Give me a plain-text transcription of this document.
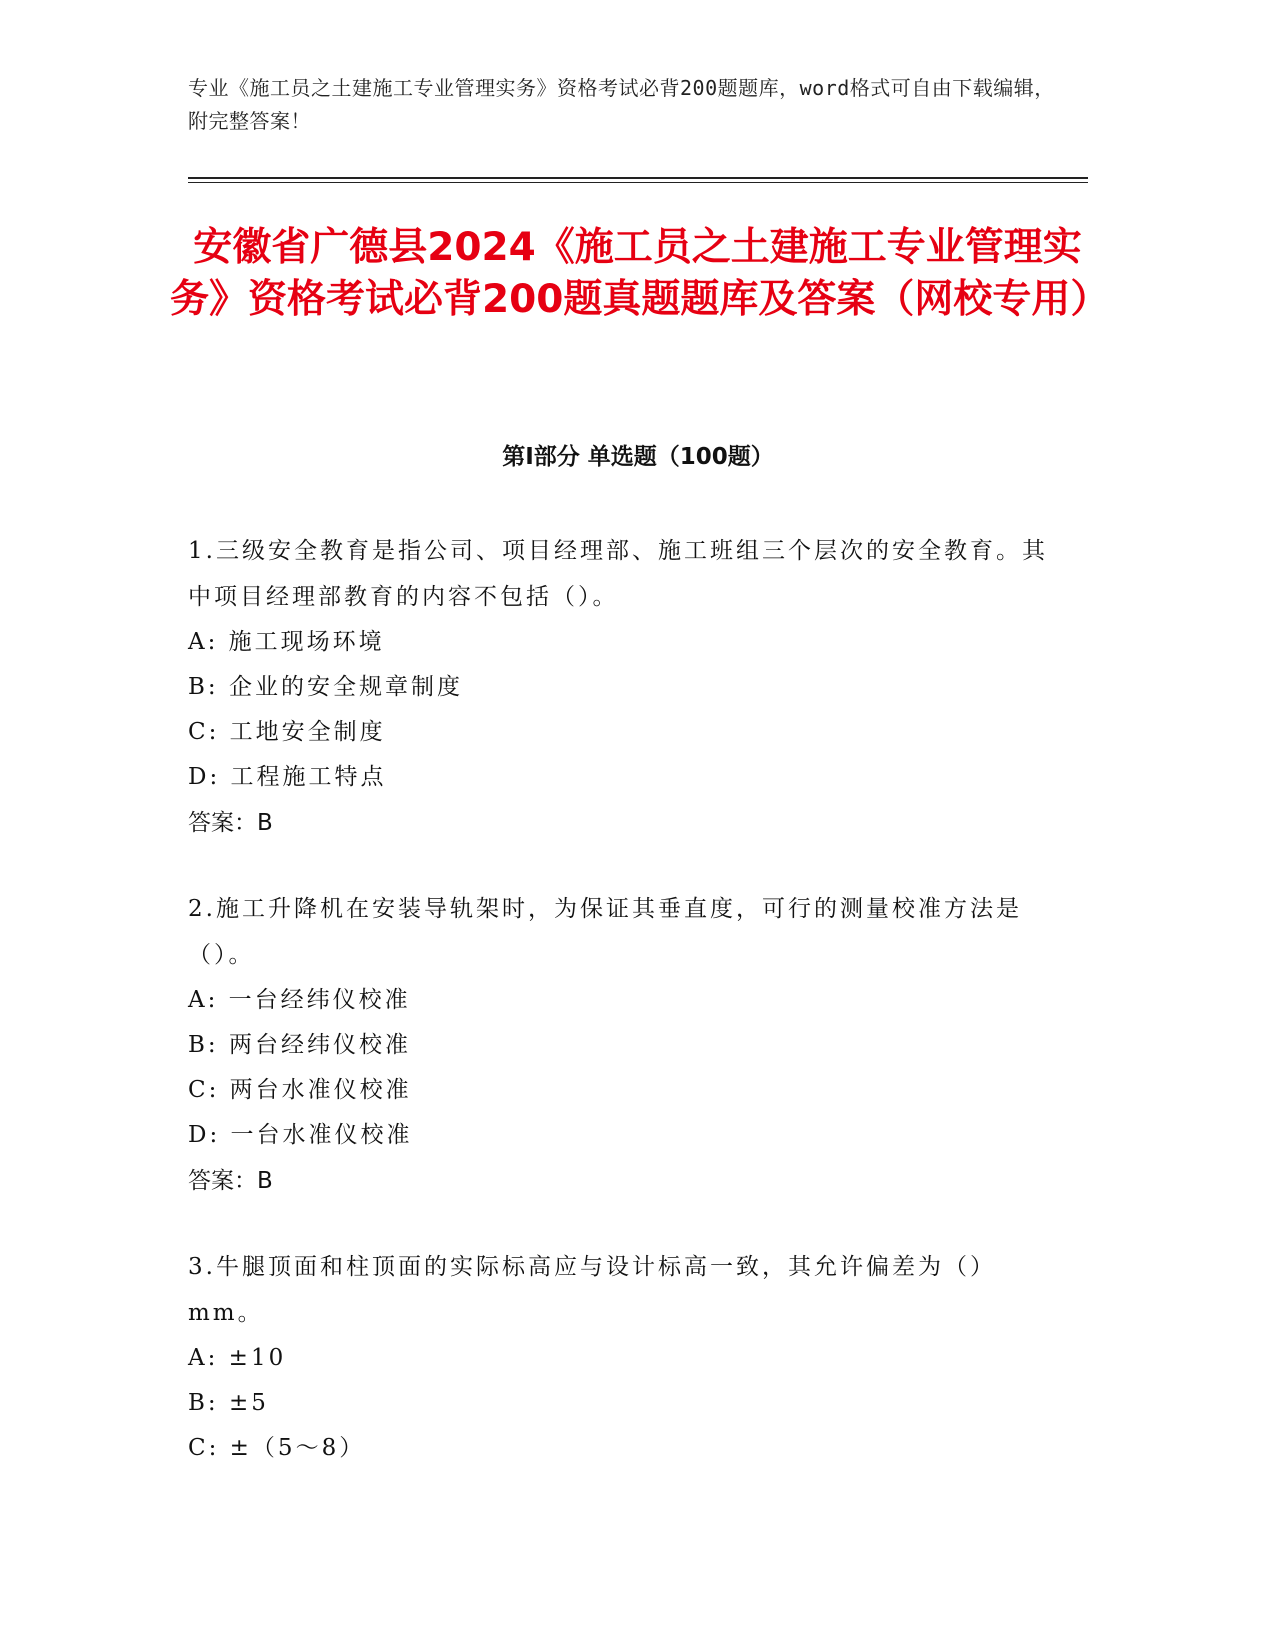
专业《施工员之土建施工专业管理实务》资格考试必背200题题库，word格式可自由下载编辑，附完整答案！
安徽省广德县2024《施工员之土建施工专业管理实务》资格考试必背200题真题题库及答案（网校专用）
第Ⅰ部分 单选题（100题）
1.三级安全教育是指公司、项目经理部、施工班组三个层次的安全教育。其中项目经理部教育的内容不包括（）。
A: 施工现场环境
B: 企业的安全规章制度
C: 工地安全制度
D: 工程施工特点
答案：B
2.施工升降机在安装导轨架时，为保证其垂直度，可行的测量校准方法是（）。
A: 一台经纬仪校准
B: 两台经纬仪校准
C: 两台水准仪校准
D: 一台水准仪校准
答案：B
3.牛腿顶面和柱顶面的实际标高应与设计标高一致，其允许偏差为（）mm。
A: ±10
B: ±5
C: ±（5～8）
